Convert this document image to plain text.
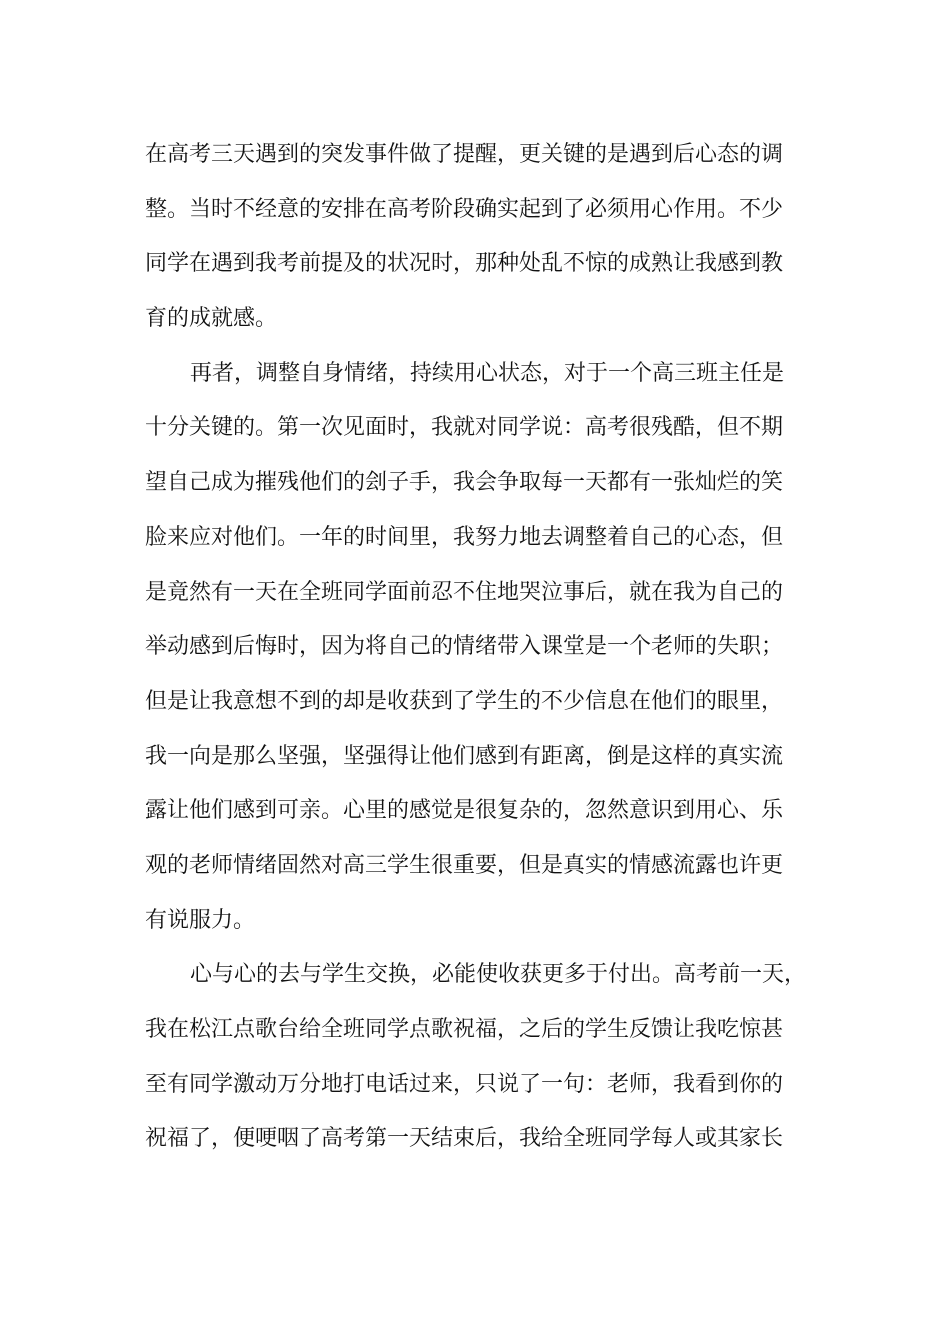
在高考三天遇到的突发事件做了提醒，更关键的是遇到后心态的调
整。当时不经意的安排在高考阶段确实起到了必须用心作用。不少
同学在遇到我考前提及的状况时，那种处乱不惊的成熟让我感到教
育的成就感。
再者，调整自身情绪，持续用心状态，对于一个高三班主任是
十分关键的。第一次见面时，我就对同学说：高考很残酷，但不期
望自己成为摧残他们的刽子手，我会争取每一天都有一张灿烂的笑
脸来应对他们。一年的时间里，我努力地去调整着自己的心态，但
是竟然有一天在全班同学面前忍不住地哭泣事后，就在我为自己的
举动感到后悔时，因为将自己的情绪带入课堂是一个老师的失职；
但是让我意想不到的却是收获到了学生的不少信息在他们的眼里，
我一向是那么坚强，坚强得让他们感到有距离，倒是这样的真实流
露让他们感到可亲。心里的感觉是很复杂的，忽然意识到用心、乐
观的老师情绪固然对高三学生很重要，但是真实的情感流露也许更
有说服力。
心与心的去与学生交换，必能使收获更多于付出。高考前一天，
我在松江点歌台给全班同学点歌祝福，之后的学生反馈让我吃惊甚
至有同学激动万分地打电话过来，只说了一句：老师，我看到你的
祝福了，便哽咽了高考第一天结束后，我给全班同学每人或其家长
